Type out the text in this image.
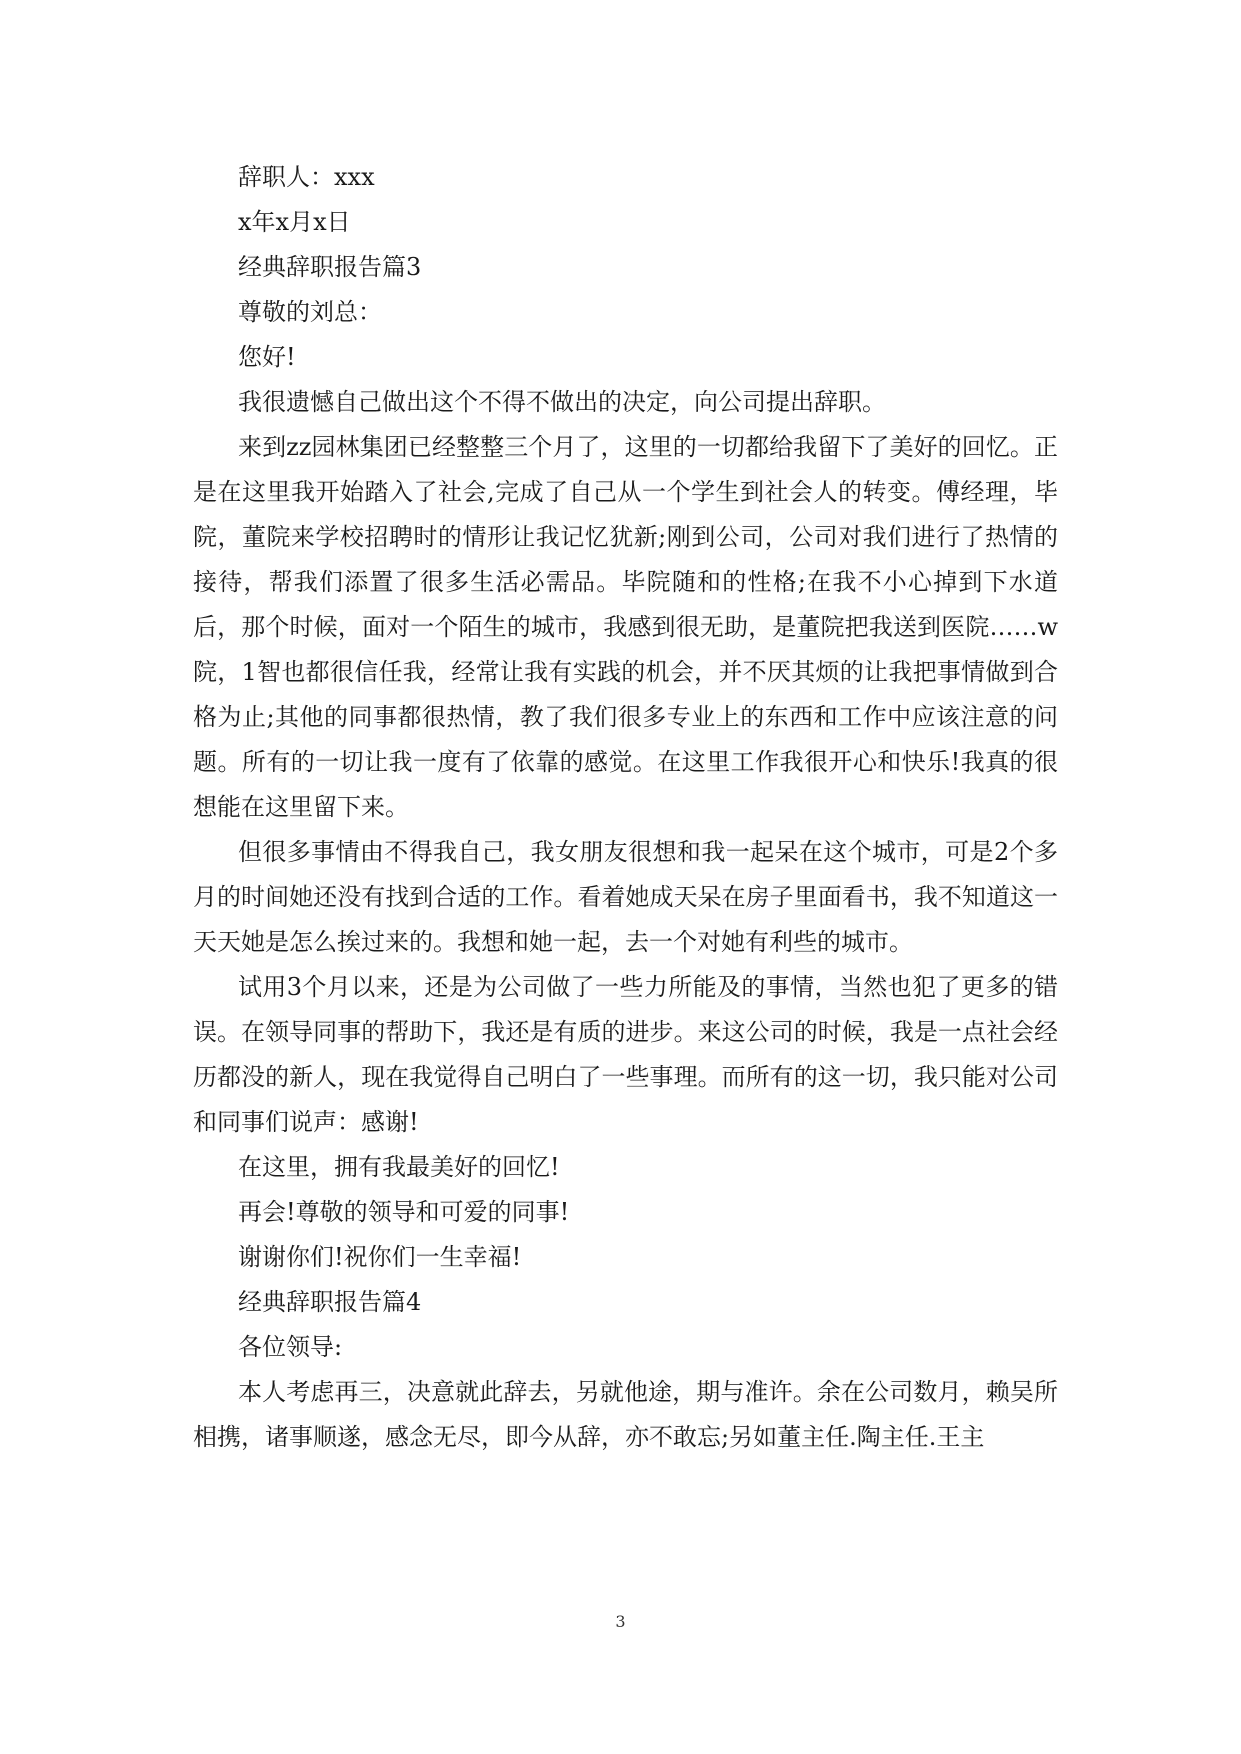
辞职人：xxx

x年x月x日

经典辞职报告篇3

尊敬的刘总：

您好!

我很遗憾自己做出这个不得不做出的决定，向公司提出辞职。

来到zz园林集团已经整整三个月了，这里的一切都给我留下了美好的回忆。正是在这里我开始踏入了社会,完成了自己从一个学生到社会人的转变。傅经理，毕院，董院来学校招聘时的情形让我记忆犹新;刚到公司，公司对我们进行了热情的接待，帮我们添置了很多生活必需品。毕院随和的性格;在我不小心掉到下水道后，那个时候，面对一个陌生的城市，我感到很无助，是董院把我送到医院……w院，1智也都很信任我，经常让我有实践的机会，并不厌其烦的让我把事情做到合格为止;其他的同事都很热情，教了我们很多专业上的东西和工作中应该注意的问题。所有的一切让我一度有了依靠的感觉。在这里工作我很开心和快乐!我真的很想能在这里留下来。

但很多事情由不得我自己，我女朋友很想和我一起呆在这个城市，可是2个多月的时间她还没有找到合适的工作。看着她成天呆在房子里面看书，我不知道这一天天她是怎么挨过来的。我想和她一起，去一个对她有利些的城市。

试用3个月以来，还是为公司做了一些力所能及的事情，当然也犯了更多的错误。在领导同事的帮助下，我还是有质的进步。来这公司的时候，我是一点社会经历都没的新人，现在我觉得自己明白了一些事理。而所有的这一切，我只能对公司和同事们说声：感谢!

在这里，拥有我最美好的回忆!

再会!尊敬的领导和可爱的同事!

谢谢你们!祝你们一生幸福!

经典辞职报告篇4

各位领导:

本人考虑再三，决意就此辞去，另就他途，期与准许。余在公司数月，赖吴所相携，诸事顺遂，感念无尽，即今从辞，亦不敢忘;另如董主任.陶主任.王主

3
